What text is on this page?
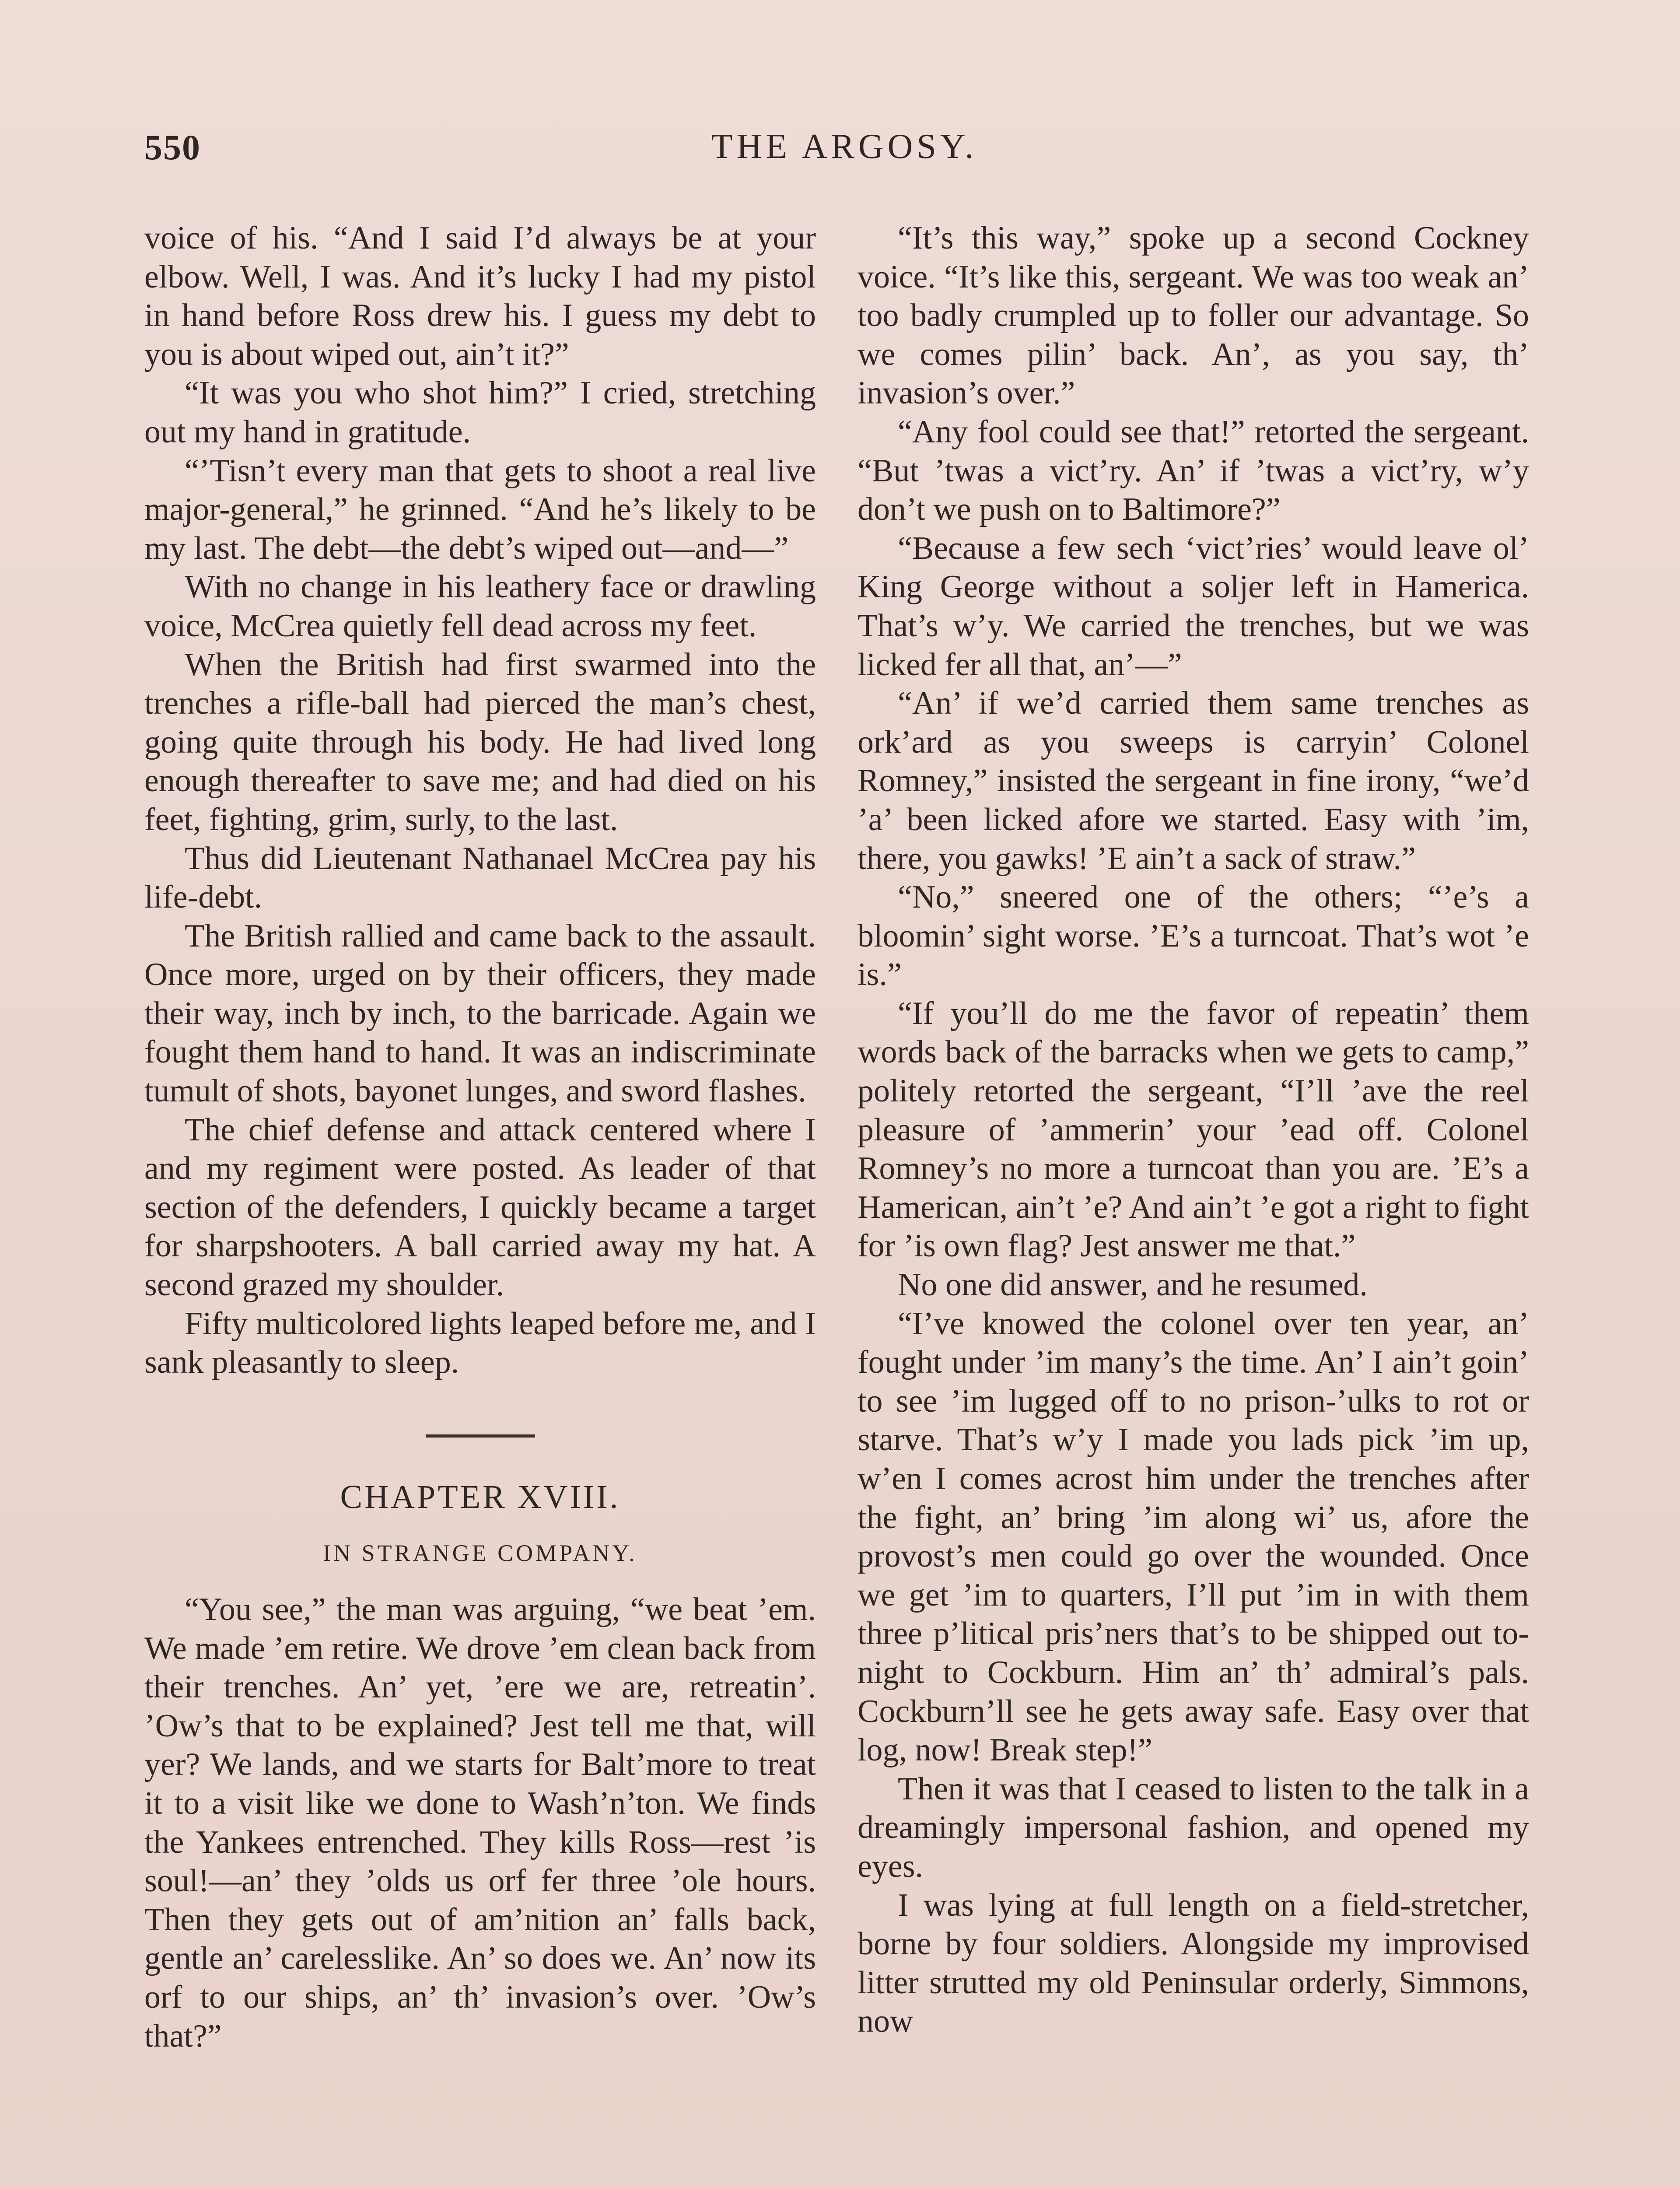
550	THE ARGOSY.

voice of his. “And I said I’d always be at your elbow. Well, I was. And it’s lucky I had my pistol in hand before Ross drew his. I guess my debt to you is about wiped out, ain’t it?”

“It was you who shot him?” I cried, stretching out my hand in gratitude.

“’Tisn’t every man that gets to shoot a real live major-general,” he grinned. “And he’s likely to be my last. The debt—the debt’s wiped out—and—”

With no change in his leathery face or drawling voice, McCrea quietly fell dead across my feet.

When the British had first swarmed into the trenches a rifle-ball had pierced the man’s chest, going quite through his body. He had lived long enough thereafter to save me; and had died on his feet, fighting, grim, surly, to the last.

Thus did Lieutenant Nathanael McCrea pay his life-debt.

The British rallied and came back to the assault. Once more, urged on by their officers, they made their way, inch by inch, to the barricade. Again we fought them hand to hand. It was an indiscriminate tumult of shots, bayonet lunges, and sword flashes.

The chief defense and attack centered where I and my regiment were posted. As leader of that section of the defenders, I quickly became a target for sharpshooters. A ball carried away my hat. A second grazed my shoulder.

Fifty multicolored lights leaped before me, and I sank pleasantly to sleep.

CHAPTER XVIII.
IN STRANGE COMPANY.

“You see,” the man was arguing, “we beat ’em. We made ’em retire. We drove ’em clean back from their trenches. An’ yet, ’ere we are, retreatin’. ’Ow’s that to be explained? Jest tell me that, will yer? We lands, and we starts for Balt’more to treat it to a visit like we done to Wash’n’ton. We finds the Yankees entrenched. They kills Ross—rest ’is soul!—an’ they ’olds us orf fer three ’ole hours. Then they gets out of am’nition an’ falls back, gentle an’ carelesslike. An’ so does we. An’ now its orf to our ships, an’ th’ invasion’s over. ’Ow’s that?”

“It’s this way,” spoke up a second Cockney voice. “It’s like this, sergeant. We was too weak an’ too badly crumpled up to foller our advantage. So we comes pilin’ back. An’, as you say, th’ invasion’s over.”

“Any fool could see that!” retorted the sergeant. “But ’twas a vict’ry. An’ if ’twas a vict’ry, w’y don’t we push on to Baltimore?”

“Because a few sech ‘vict’ries’ would leave ol’ King George without a soljer left in Hamerica. That’s w’y. We carried the trenches, but we was licked fer all that, an’—”

“An’ if we’d carried them same trenches as ork’ard as you sweeps is carryin’ Colonel Romney,” insisted the sergeant in fine irony, “we’d ’a’ been licked afore we started. Easy with ’im, there, you gawks! ’E ain’t a sack of straw.”

“No,” sneered one of the others; “’e’s a bloomin’ sight worse. ’E’s a turncoat. That’s wot ’e is.”

“If you’ll do me the favor of repeatin’ them words back of the barracks when we gets to camp,” politely retorted the sergeant, “I’ll ’ave the reel pleasure of ’ammerin’ your ’ead off. Colonel Romney’s no more a turncoat than you are. ’E’s a Hamerican, ain’t ’e? And ain’t ’e got a right to fight for ’is own flag? Jest answer me that.”

No one did answer, and he resumed.

“I’ve knowed the colonel over ten year, an’ fought under ’im many’s the time. An’ I ain’t goin’ to see ’im lugged off to no prison-’ulks to rot or starve. That’s w’y I made you lads pick ’im up, w’en I comes acrost him under the trenches after the fight, an’ bring ’im along wi’ us, afore the provost’s men could go over the wounded. Once we get ’im to quarters, I’ll put ’im in with them three p’litical pris’ners that’s to be shipped out to-night to Cockburn. Him an’ th’ admiral’s pals. Cockburn’ll see he gets away safe. Easy over that log, now! Break step!”

Then it was that I ceased to listen to the talk in a dreamingly impersonal fashion, and opened my eyes.

I was lying at full length on a field-stretcher, borne by four soldiers. Alongside my improvised litter strutted my old Peninsular orderly, Simmons, now
